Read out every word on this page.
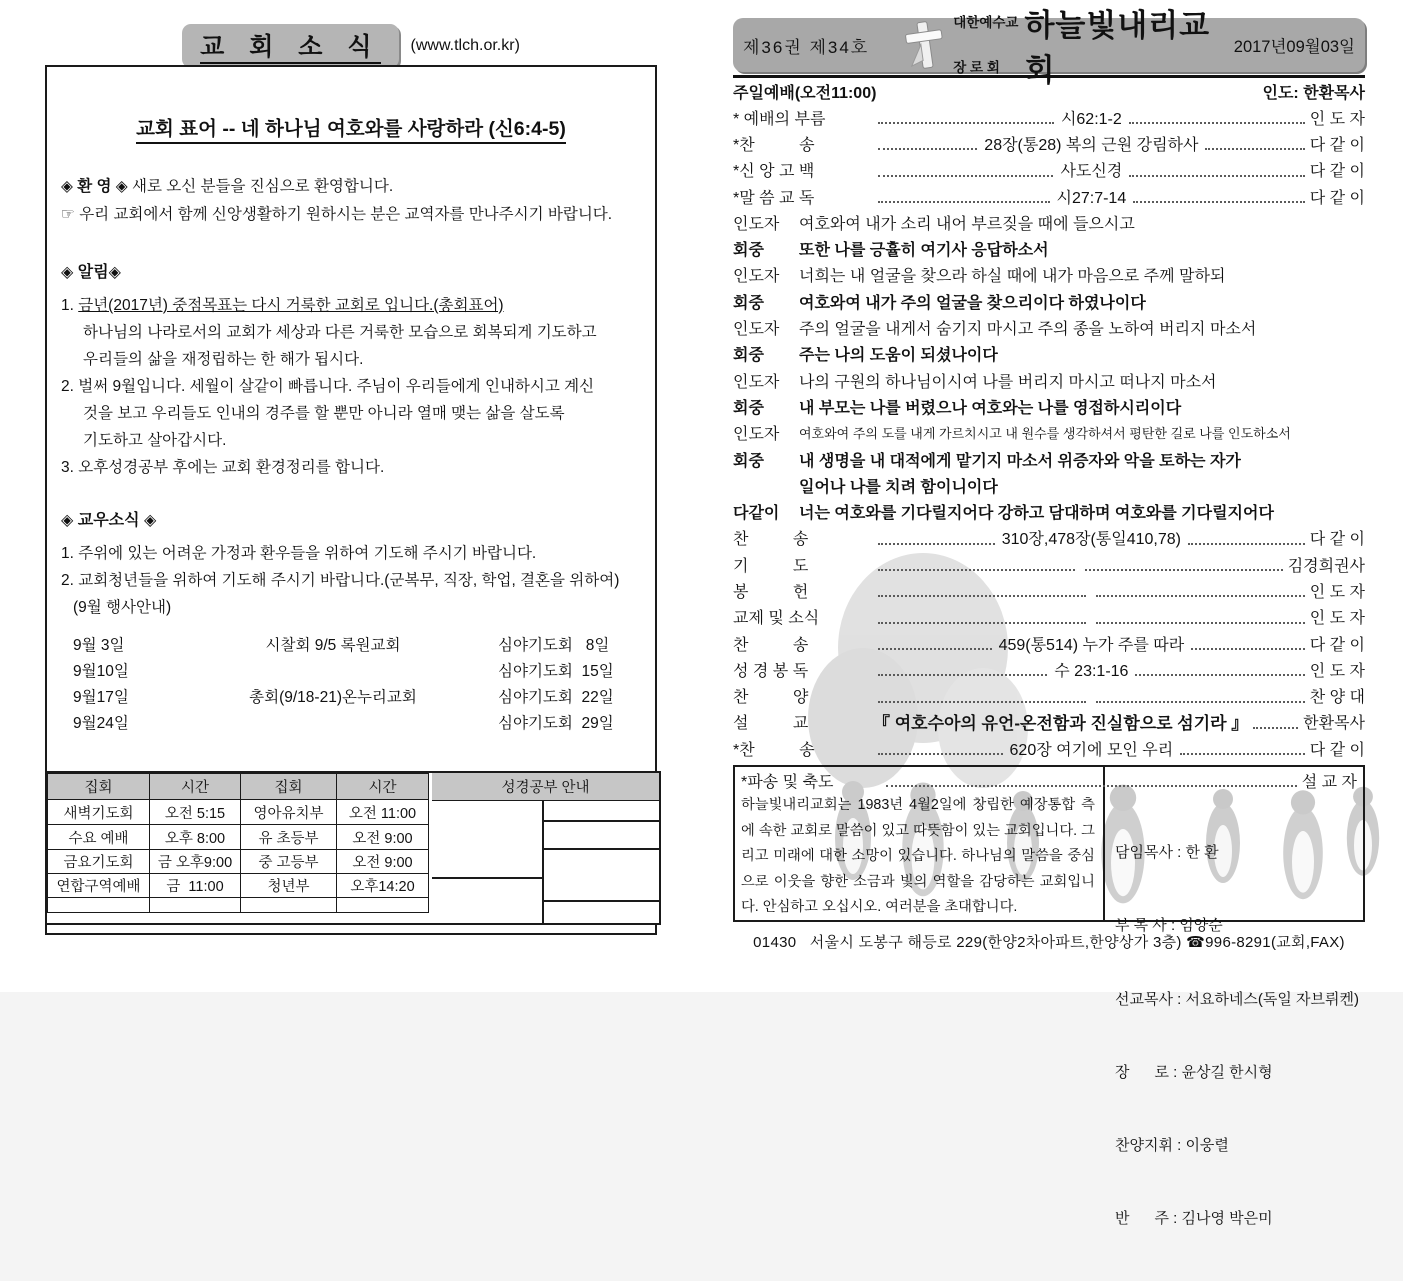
교 회 소 식	(www.tlch.or.kr)
교회 표어 -- 네 하나님 여호와를 사랑하라 (신6:4-5)
◈ 환 영 ◈ 새로 오신 분들을 진심으로 환영합니다.
☞ 우리 교회에서 함께 신앙생활하기 원하시는 분은 교역자를 만나주시기 바랍니다.
◈ 알림◈
1. 금년(2017년) 중점목표는 다시 거룩한 교회로 입니다.(총회표어)
하나님의 나라로서의 교회가 세상과 다른 거룩한 모습으로 회복되게 기도하고
우리들의 삶을 재정립하는 한 해가 됩시다.
2. 벌써 9월입니다. 세월이 살같이 빠릅니다. 주님이 우리들에게 인내하시고 계신
것을 보고 우리들도 인내의 경주를 할 뿐만 아니라 열매 맺는 삶을 살도록
기도하고 살아갑시다.
3. 오후성경공부 후에는 교회 환경정리를 합니다.
◈ 교우소식 ◈
1. 주위에 있는 어려운 가정과 환우들을 위하여 기도해 주시기 바랍니다.
2. 교회청년들을 위하여 기도해 주시기 바랍니다.(군복무, 직장, 학업, 결혼을 위하여)
(9월 행사안내)
9월 3일	시찰회 9/5 록원교회	심야기도회   8일
9월10일	심야기도회  15일
9월17일	총회(9/18-21)온누리교회	심야기도회  22일
9월24일	심야기도회  29일
집회	시간	집회	시간
새벽기도회	오전 5:15	영아유치부	오전 11:00
수요 예배	오후 8:00	유 초등부	오전 9:00
금요기도회	금 오후9:00	중 고등부	오전 9:00
연합구역예배	금  11:00	청년부	오후14:20

성경공부 안내
제36권 제34호

대한예수교

장 로 회

하늘빛내리교회
2017년09월03일
주일예배(오전11:00)	인도: 한환목사
* 예배의 부름	시62:1-2	인 도 자
*찬          송	28장(통28) 복의 근원 강림하사	다 같 이
*신 앙 고 백	사도신경	다 같 이
*말 씀 교 독	시27:7-14	다 같 이
인도자	여호와여 내가 소리 내어 부르짖을 때에 들으시고
회중	또한 나를 긍휼히 여기사 응답하소서
인도자	너희는 내 얼굴을 찾으라 하실 때에 내가 마음으로 주께 말하되
회중	여호와여 내가 주의 얼굴을 찾으리이다 하였나이다
인도자	주의 얼굴을 내게서 숨기지 마시고 주의 종을 노하여 버리지 마소서
회중	주는 나의 도움이 되셨나이다
인도자	나의 구원의 하나님이시여 나를 버리지 마시고 떠나지 마소서
회중	내 부모는 나를 버렸으나 여호와는 나를 영접하시리이다
인도자	여호와여 주의 도를 내게 가르치시고 내 원수를 생각하셔서 평탄한 길로 나를 인도하소서
회중	내 생명을 내 대적에게 맡기지 마소서 위증자와 악을 토하는 자가
일어나 나를 치려 함이니이다
다같이	너는 여호와를 기다릴지어다 강하고 담대하며 여호와를 기다릴지어다
찬          송	310장,478장(통일410,78)	다 같 이
기          도	김경희권사
봉          헌	인 도 자
교제 및 소식	인 도 자
찬          송	459(통514) 누가 주를 따라	다 같 이
성 경 봉 독	수 23:1-16	인 도 자
찬          양	찬 양 대
설          교	『 여호수아의 유언-온전함과 진실함으로 섬기라 』	한환목사
*찬          송	620장 여기에 모인 우리	다 같 이
*파송 및 축도	설 교 자
하늘빛내리교회는 1983년 4월2일에 창립한 예장통합 측에 속한 교회로 말씀이 있고 따뜻함이 있는 교회입니다. 그리고 미래에 대한 소망이 있습니다. 하나님의 말씀을 중심으로 이웃을 향한 소금과 빛의 역할을 감당하는 교회입니다. 안심하고 오십시오. 여러분을 초대합니다.

담임목사 : 한 환

부 목 사 : 임양순

선교목사 : 서요하네스(독일 자브뤼켄)

장      로 : 윤상길 한시형

찬양지휘 : 이웅렬

반      주 : 김나영 박은미

01430   서울시 도봉구 해등로 229(한양2차아파트,한양상가 3층) ☎996-8291(교회,FAX)
